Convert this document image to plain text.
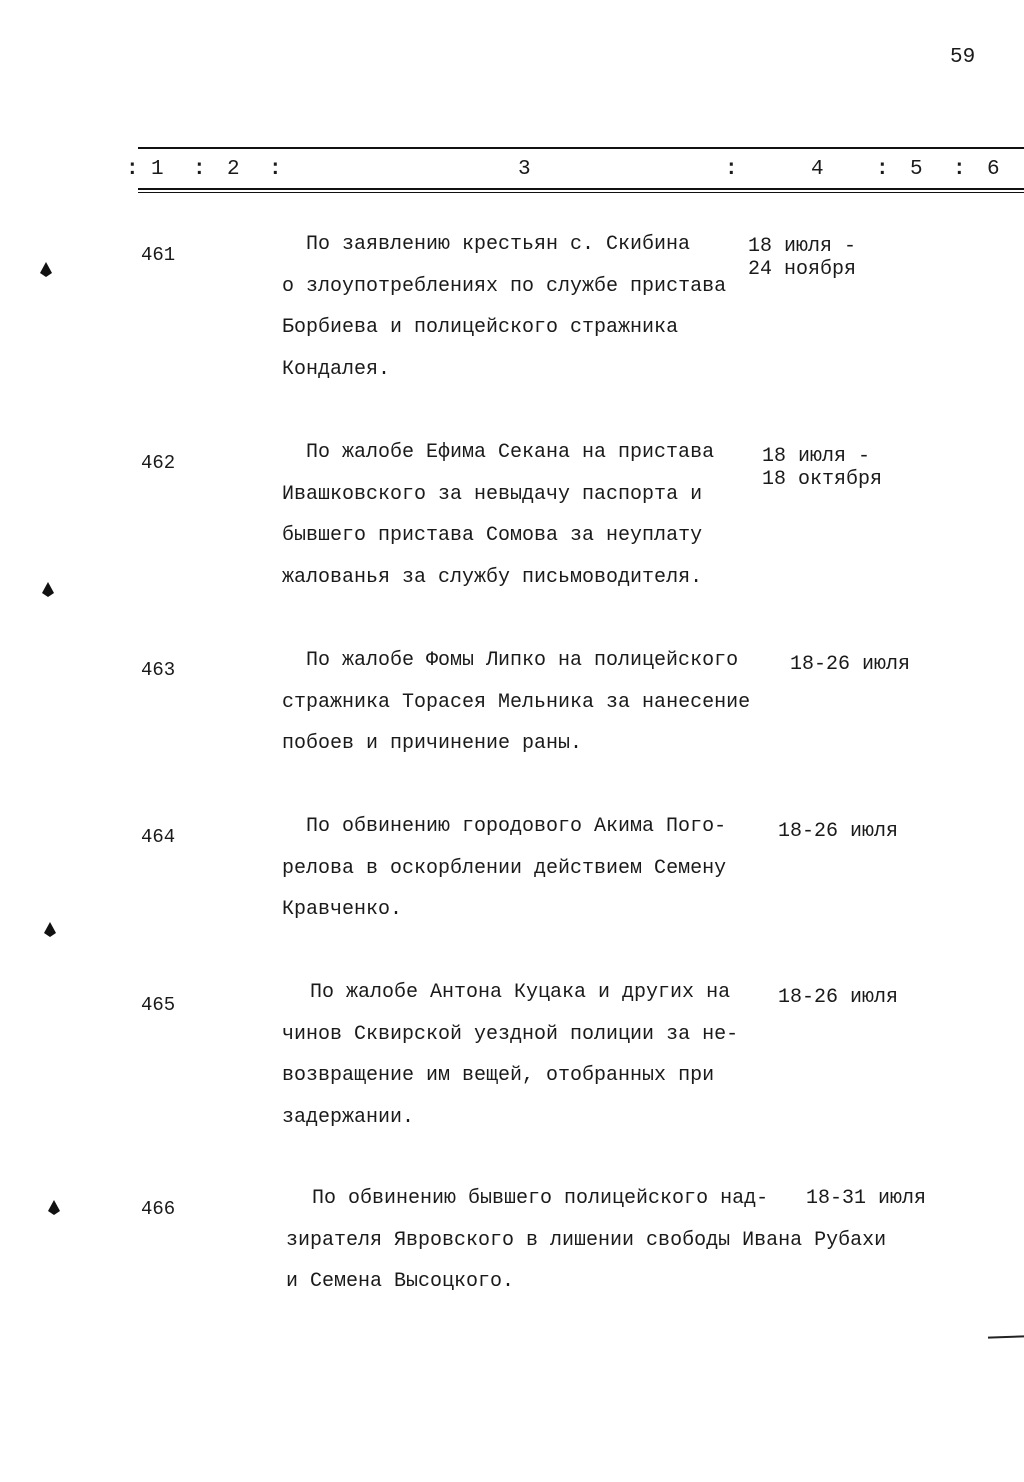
59
: 1 : 2 :	3	:	4 : 5 : 6
461	По заявлению крестьян с. Скибина
о злоупотреблениях по службе пристава
Борбиева и полицейского стражника
Кондалея.
18 июля -
24 ноября
462	По жалобе Ефима Секана на пристава
Ивашковского за невыдачу паспорта и
бывшего пристава Сомова за неуплату
жалованья за службу письмоводителя.
18 июля -
18 октября
463	По жалобе Фомы Липко на полицейского
стражника Торасея Мельника за нанесение
побоев и причинение раны.
18-26 июля
464	По обвинению городового Акима Пого-
релова в оскорблении действием Семену
Кравченко.
18-26 июля
465
По жалобе Антона Куцака и других на
чинов Сквирской уездной полиции за не-
возвращение им вещей, отобранных при
задержании.
18-26 июля
466	По обвинению бывшего полицейского над-
зирателя Явровского в лишении свободы Ивана Рубахи
и Семена Высоцкого.
18-31 июля
